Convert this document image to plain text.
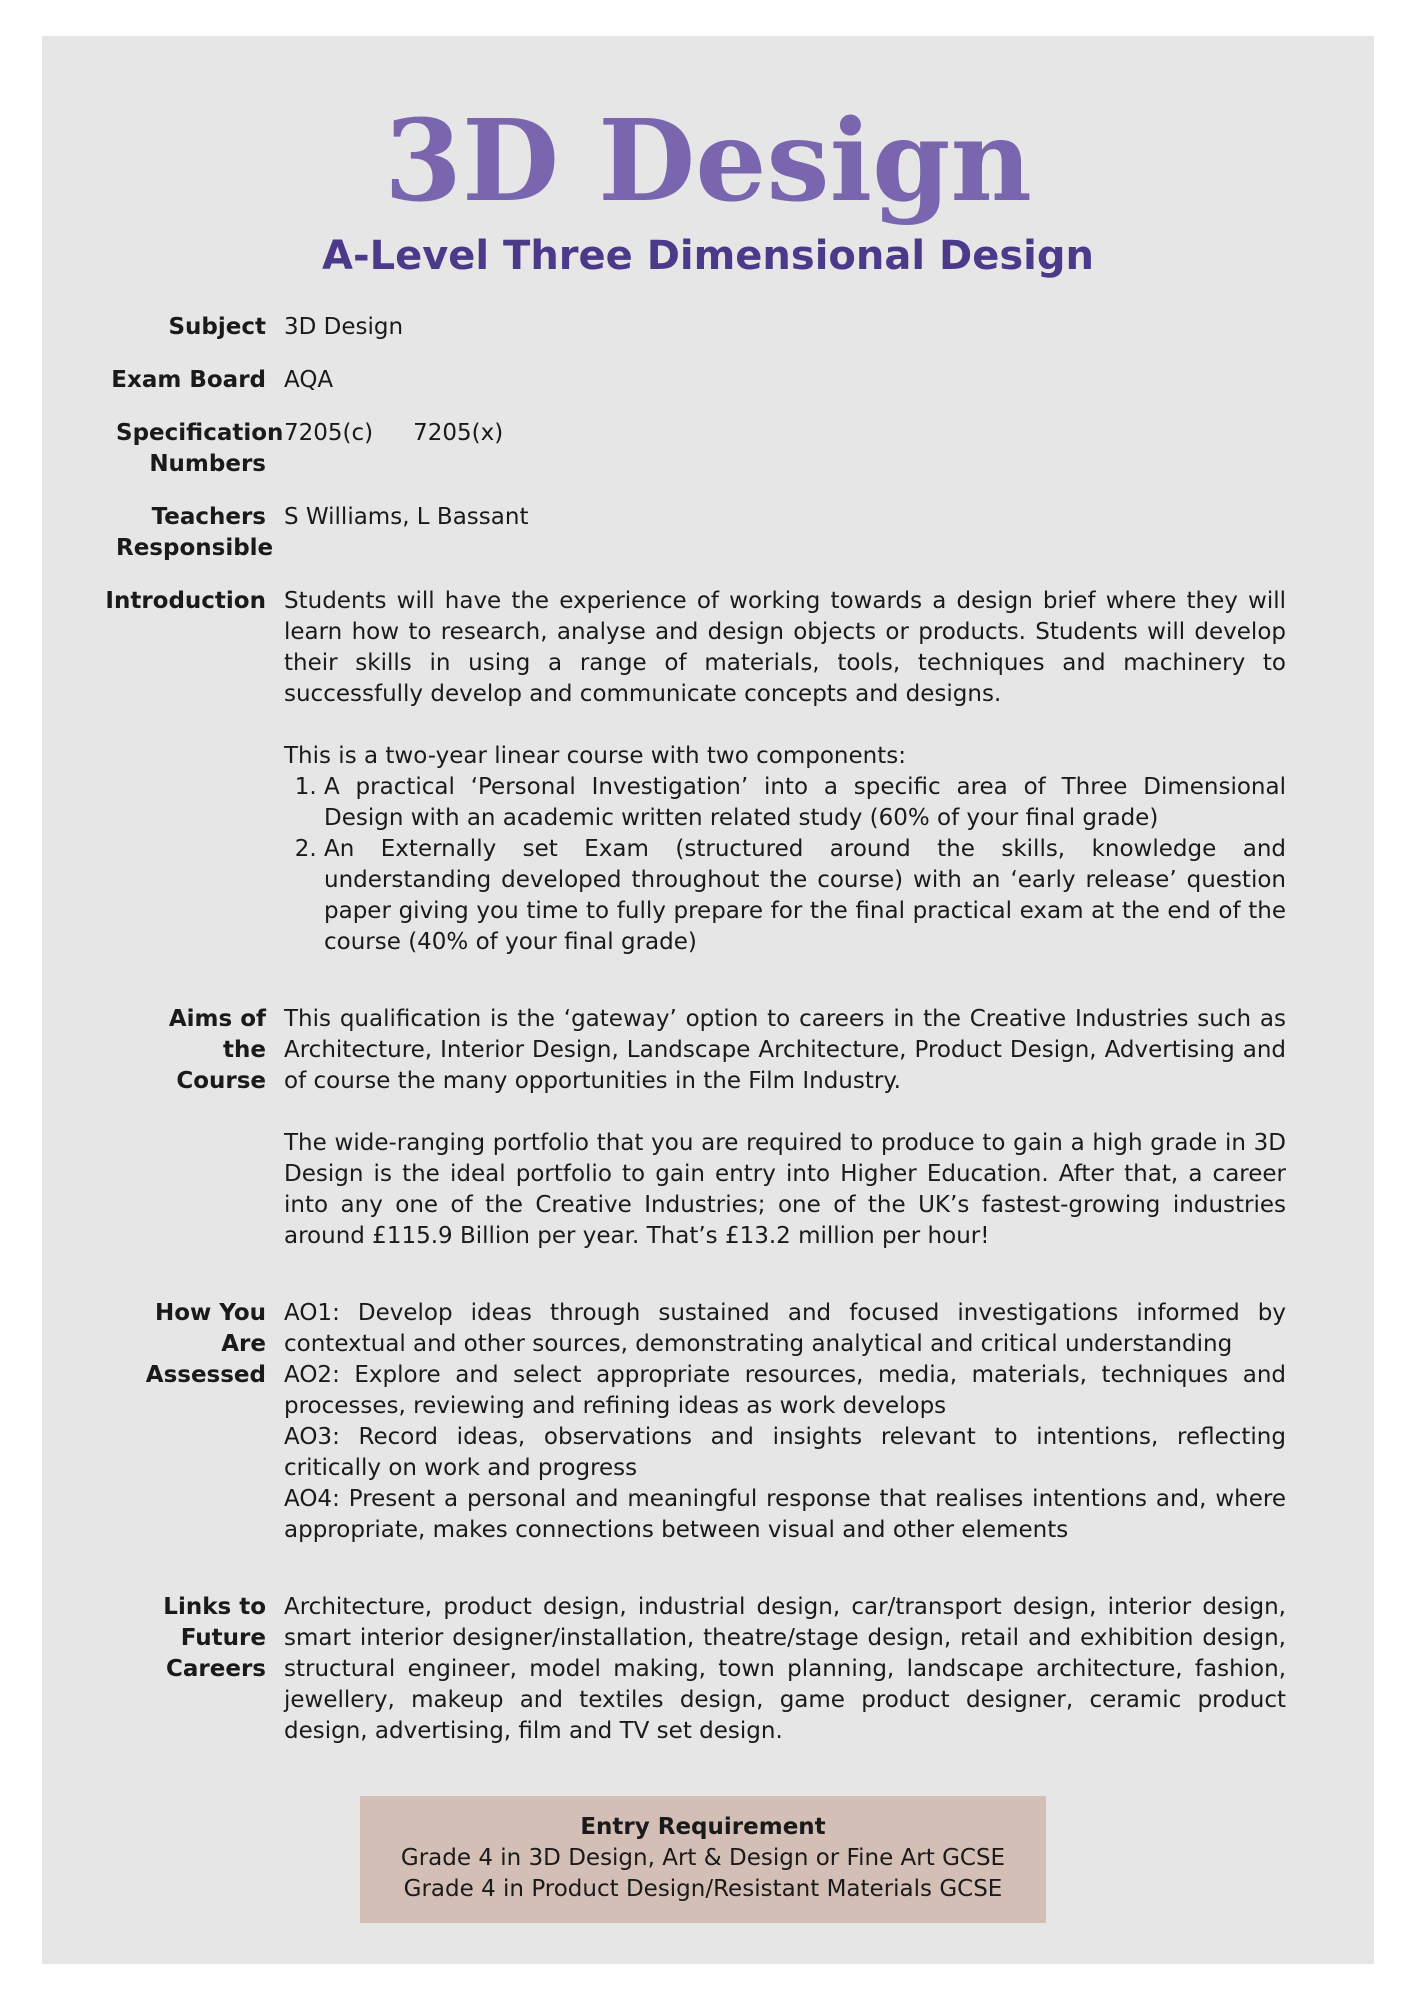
3D Design
A-Level Three Dimensional Design
Subject 3D Design
Exam Board AQA
Specification Numbers
7205(c) 7205(x)
Teachers Responsible
S Williams, L Bassant
Introduction Students will have the experience of working towards a design brief where they will learn how to research, analyse and design objects or products. Students will develop their skills in using a range of materials, tools, techniques and machinery to successfully develop and communicate concepts and designs.

This is a two-year linear course with two components:

1. A practical ‘Personal Investigation’ into a specific area of Three Dimensional Design with an academic written related study (60% of your final grade)
2. An Externally set Exam (structured around the skills, knowledge and understanding developed throughout the course) with an ‘early release’ question paper giving you time to fully prepare for the final practical exam at the end of the course (40% of your final grade)
Aims of the Course

This qualification is the ‘gateway’ option to careers in the Creative Industries such as Architecture, Interior Design, Landscape Architecture, Product Design, Advertising and of course the many opportunities in the Film Industry.

The wide-ranging portfolio that you are required to produce to gain a high grade in 3D Design is the ideal portfolio to gain entry into Higher Education. After that, a career into any one of the Creative Industries; one of the UK’s fastest-growing industries around £115.9 Billion per year. That’s £13.2 million per hour!

How You Are Assessed
AO1: Develop ideas through sustained and focused investigations informed by contextual and other sources, demonstrating analytical and critical understanding
AO2: Explore and select appropriate resources, media, materials, techniques and processes, reviewing and refining ideas as work develops
AO3: Record ideas, observations and insights relevant to intentions, reflecting critically on work and progress
AO4: Present a personal and meaningful response that realises intentions and, where appropriate, makes connections between visual and other elements
Links to Future Careers
Architecture, product design, industrial design, car/transport design, interior design, smart interior designer/installation, theatre/stage design, retail and exhibition design, structural engineer, model making, town planning, landscape architecture, fashion, jewellery, makeup and textiles design, game product designer, ceramic product design, advertising, film and TV set design.
Entry Requirement
Grade 4 in 3D Design, Art & Design or Fine Art GCSE
Grade 4 in Product Design/Resistant Materials GCSE
